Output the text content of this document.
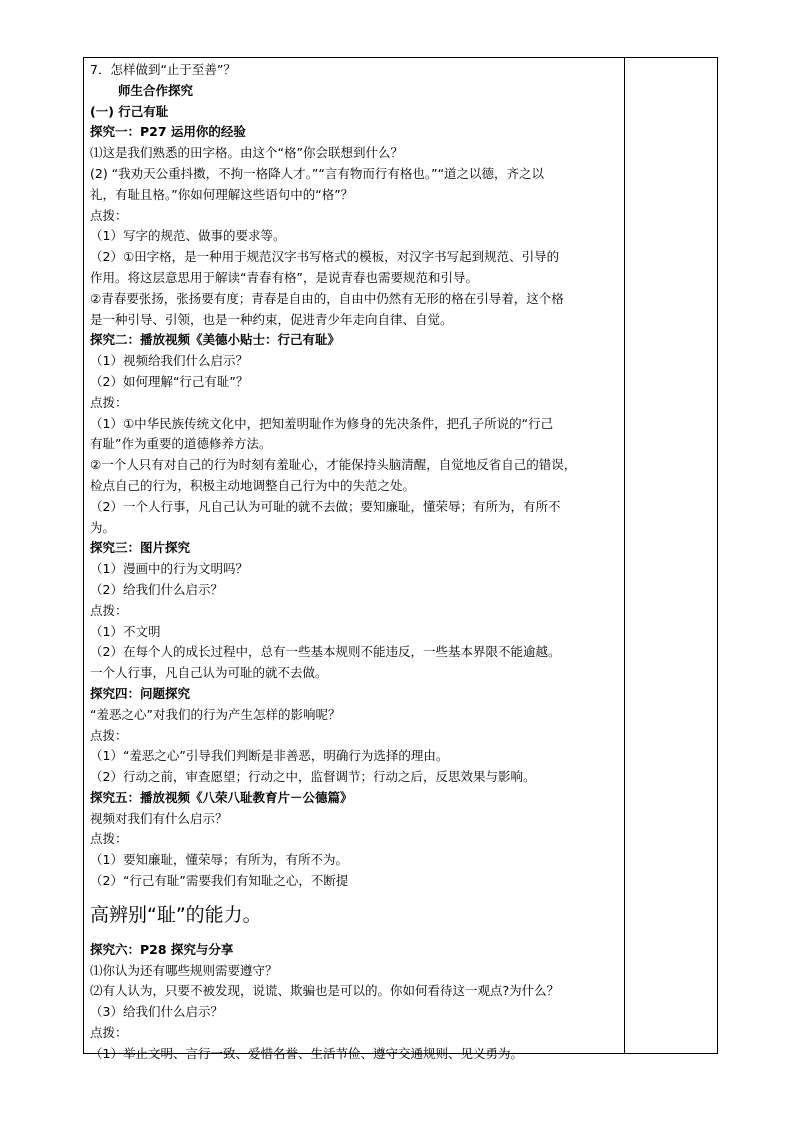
7．怎样做到“止于至善”？
师生合作探究
(一) 行己有耻
探究一：P27 运用你的经验
⑴这是我们熟悉的田字格。由这个“格”你会联想到什么？
(2) “我劝天公重抖擞，不拘一格降人才。”“言有物而行有格也。”“道之以德，齐之以
礼，有耻且格。”你如何理解这些语句中的“格”？
点拨：
（1）写字的规范、做事的要求等。
（2）①田字格，是一种用于规范汉字书写格式的模板，对汉字书写起到规范、引导的
作用。将这层意思用于解读“青春有格”，是说青春也需要规范和引导。
②青春要张扬，张扬要有度；青春是自由的，自由中仍然有无形的格在引导着，这个格
是一种引导、引领，也是一种约束，促进青少年走向自律、自觉。
探究二：播放视频《美德小贴士：行己有耻》
（1）视频给我们什么启示？
（2）如何理解“行己有耻”？
点拨：
（1）①中华民族传统文化中，把知羞明耻作为修身的先决条件，把孔子所说的“行己
有耻”作为重要的道德修养方法。
②一个人只有对自己的行为时刻有羞耻心，才能保持头脑清醒，自觉地反省自己的错误，
检点自己的行为，积极主动地调整自己行为中的失范之处。
（2）一个人行事，凡自己认为可耻的就不去做；要知廉耻，懂荣辱；有所为，有所不
为。
探究三：图片探究
（1）漫画中的行为文明吗？
（2）给我们什么启示？
点拨：
（1）不文明
（2）在每个人的成长过程中，总有一些基本规则不能违反，一些基本界限不能逾越。
一个人行事，凡自己认为可耻的就不去做。
探究四：问题探究
“羞恶之心”对我们的行为产生怎样的影响呢？
点拨：
（1）“羞恶之心”引导我们判断是非善恶，明确行为选择的理由。
（2）行动之前，审查愿望；行动之中，监督调节；行动之后，反思效果与影响。
探究五：播放视频《八荣八耻教育片－公德篇》
视频对我们有什么启示？
点拨：
（1）要知廉耻，懂荣辱；有所为，有所不为。
（2）“行己有耻”需要我们有知耻之心，不断提
高辨别“耻”的能力。
探究六：P28 探究与分享
⑴你认为还有哪些规则需要遵守？
⑵有人认为，只要不被发现，说谎、欺骗也是可以的。你如何看待这一观点?为什么？
（3）给我们什么启示？
点拨：
（1）举止文明、言行一致、爱惜名誉、生活节俭、遵守交通规则、见义勇为。
